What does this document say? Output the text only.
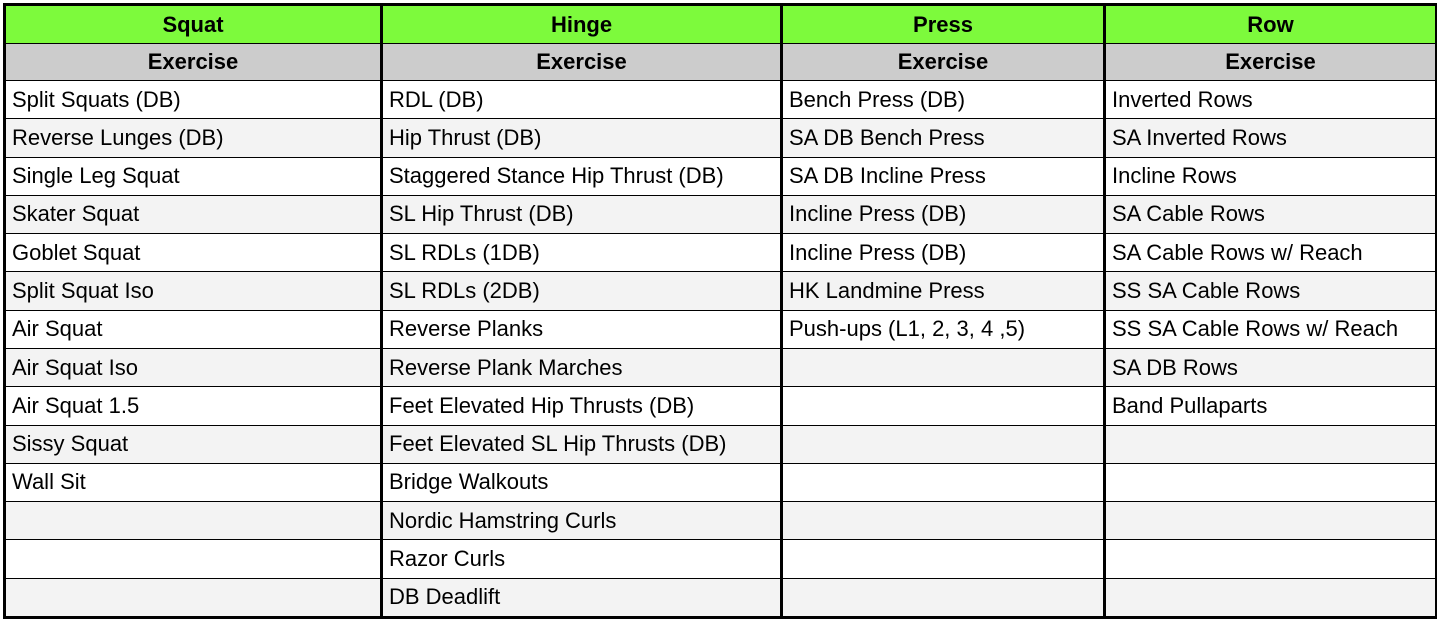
Squat	Hinge	Press	Row
Exercise	Exercise	Exercise	Exercise
Split Squats (DB)	RDL (DB)	Bench Press (DB)	Inverted Rows
Reverse Lunges (DB)	Hip Thrust (DB)	SA DB Bench Press	SA Inverted Rows
Single Leg Squat	Staggered Stance Hip Thrust (DB)	SA DB Incline Press	Incline Rows
Skater Squat	SL Hip Thrust (DB)	Incline Press (DB)	SA Cable Rows
Goblet Squat	SL RDLs (1DB)	Incline Press (DB)	SA Cable Rows w/ Reach
Split Squat Iso	SL RDLs (2DB)	HK Landmine Press	SS SA Cable Rows
Air Squat	Reverse Planks	Push-ups (L1, 2, 3, 4 ,5)	SS SA Cable Rows w/ Reach
Air Squat Iso	Reverse Plank Marches		SA DB Rows
Air Squat 1.5	Feet Elevated Hip Thrusts (DB)		Band Pullaparts
Sissy Squat	Feet Elevated SL Hip Thrusts (DB)		
Wall Sit	Bridge Walkouts		
	Nordic Hamstring Curls		
	Razor Curls		
	DB Deadlift		
